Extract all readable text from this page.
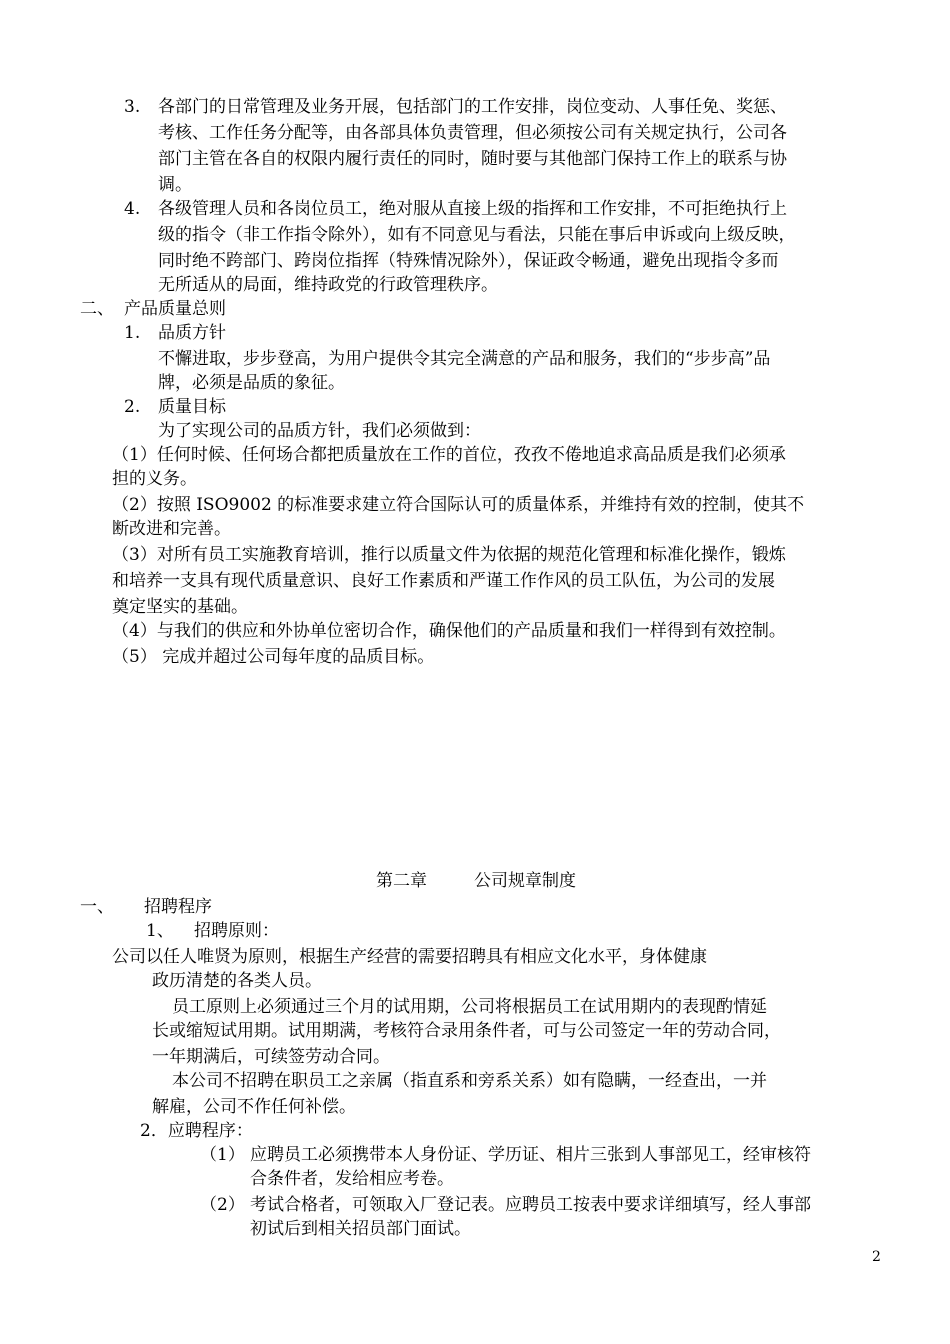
3. 各部门的日常管理及业务开展，包括部门的工作安排，岗位变动、人事任免、奖惩、
考核、工作任务分配等，由各部具体负责管理，但必须按公司有关规定执行，公司各
部门主管在各自的权限内履行责任的同时，随时要与其他部门保持工作上的联系与协
调。
4. 各级管理人员和各岗位员工，绝对服从直接上级的指挥和工作安排，不可拒绝执行上
级的指令（非工作指令除外），如有不同意见与看法，只能在事后申诉或向上级反映，
同时绝不跨部门、跨岗位指挥（特殊情况除外），保证政令畅通，避免出现指令多而
无所适从的局面，维持政党的行政管理秩序。
二、 产品质量总则
1. 品质方针
不懈进取，步步登高，为用户提供令其完全满意的产品和服务，我们的“步步高”品
牌，必须是品质的象征。
2. 质量目标
为了实现公司的品质方针，我们必须做到：
（1）任何时候、任何场合都把质量放在工作的首位，孜孜不倦地追求高品质是我们必须承
担的义务。
（2）按照 ISO9002 的标准要求建立符合国际认可的质量体系，并维持有效的控制，使其不
断改进和完善。
（3）对所有员工实施教育培训，推行以质量文件为依据的规范化管理和标准化操作，锻炼
和培养一支具有现代质量意识、良好工作素质和严谨工作作风的员工队伍，为公司的发展
奠定坚实的基础。
（4）与我们的供应和外协单位密切合作，确保他们的产品质量和我们一样得到有效控制。
（5） 完成并超过公司每年度的品质目标。
第二章	公司规章制度
一、 招聘程序
1、 招聘原则：
公司以任人唯贤为原则，根据生产经营的需要招聘具有相应文化水平，身体健康
政历清楚的各类人员。
员工原则上必须通过三个月的试用期，公司将根据员工在试用期内的表现酌情延
长或缩短试用期。试用期满，考核符合录用条件者，可与公司签定一年的劳动合同，
一年期满后，可续签劳动合同。
本公司不招聘在职员工之亲属（指直系和旁系关系）如有隐瞒，一经查出，一并
解雇，公司不作任何补偿。
2．应聘程序：
（1） 应聘员工必须携带本人身份证、学历证、相片三张到人事部见工，经审核符
合条件者，发给相应考卷。
（2） 考试合格者，可领取入厂登记表。应聘员工按表中要求详细填写，经人事部
初试后到相关招员部门面试。
2
